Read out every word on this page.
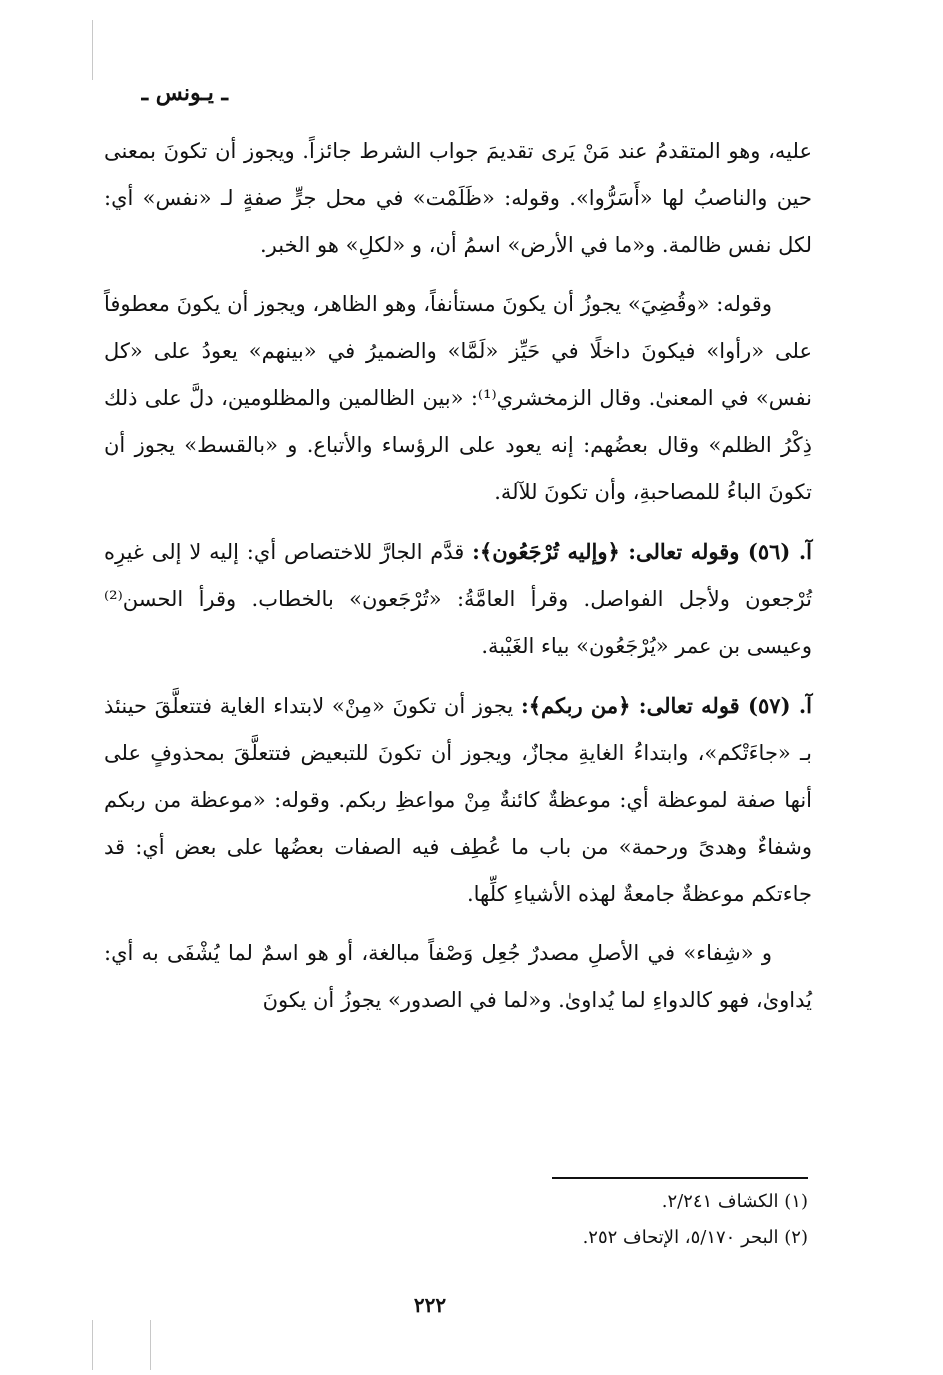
ـ يـونس ـ

عليه، وهو المتقدمُ عند مَنْ يَرى تقديمَ جواب الشرط جائزاً. ويجوز أن تكونَ بمعنى حين والناصبُ لها «أَسَرُّوا». وقوله: «ظَلَمْت» في محل جرٍّ صفةٍ لـ «نفس» أي: لكل نفس ظالمة. و«ما في الأرض» اسمُ أن، و «لكلِ» هو الخبر.

وقوله: «وقُضِيَ» يجوزُ أن يكونَ مستأنفاً، وهو الظاهر، ويجوز أن يكونَ معطوفاً على «رأوا» فيكونَ داخلًا في حَيِّز «لَمَّا» والضميرُ في «بينهم» يعودُ على «كل نفس» في المعنىٰ. وقال الزمخشري⁽¹⁾: «بين الظالمين والمظلومين، دلَّ على ذلك ذِكْرُ الظلم» وقال بعضُهم: إنه يعود على الرؤساء والأتباع. و «بالقسط» يجوز أن تكونَ الباءُ للمصاحبةِ، وأن تكونَ للآلة.

آ. (٥٦) وقوله تعالى: ﴿وإليه تُرْجَعُون﴾: قدَّم الجارَّ للاختصاص أي: إليه لا إلى غيرِه تُرْجعون ولأجل الفواصل. وقرأ العامَّةُ: «تُرْجَعون» بالخطاب. وقرأ الحسن⁽²⁾ وعيسى بن عمر «يُرْجَعُون» بياء الغَيْبة.

آ. (٥٧) قوله تعالى: ﴿من ربكم﴾: يجوز أن تكونَ «مِنْ» لابتداء الغاية فتتعلَّقَ حينئذ بـ «جاءَتْكم»، وابتداءُ الغايةِ مجازٌ، ويجوز أن تكونَ للتبعيض فتتعلَّقَ بمحذوفٍ على أنها صفة لموعظة أي: موعظةٌ كائنةٌ مِنْ مواعظِ ربكم. وقوله: «موعظة من ربكم وشفاءٌ وهدىً ورحمة» من باب ما عُطِف فيه الصفات بعضُها على بعض أي: قد جاءتكم موعظةٌ جامعةٌ لهذه الأشياءِ كلِّها.

و «شِفاء» في الأصلِ مصدرٌ جُعِل وَصْفاً مبالغة، أو هو اسمٌ لما يُشْفَى به أي: يُداوىٰ، فهو كالدواءِ لما يُداوىٰ. و«لما في الصدور» يجوزُ أن يكونَ

(١) الكشاف ٢/٢٤١.

(٢) البحر ٥/١٧٠، الإتحاف ٢٥٢.

٢٢٢
